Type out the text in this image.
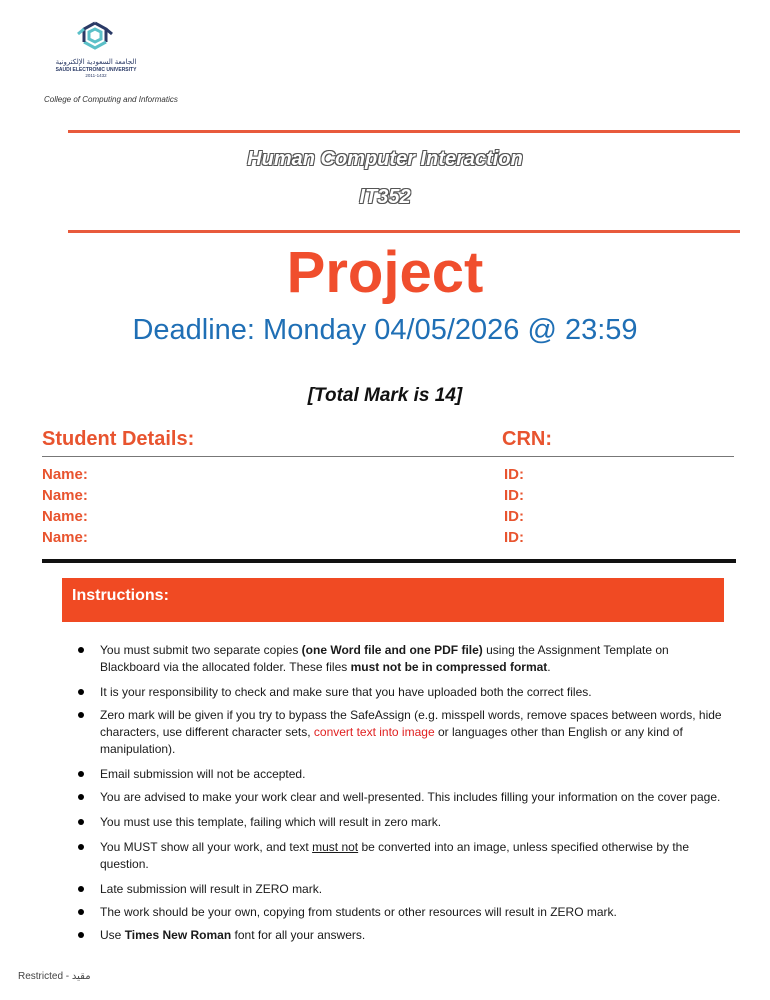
الجامعة السعودية الإلكترونية
SAUDI ELECTRONIC UNIVERSITY
2011-1432
College of Computing and Informatics
Human Computer Interaction
IT352
Project
Deadline: Monday 04/05/2026 @ 23:59
[Total Mark is 14]
Student Details:	CRN:
Name:	ID:
Name:	ID:
Name:	ID:
Name:	ID:
Instructions:
You must submit two separate copies (one Word file and one PDF file) using the Assignment Template on Blackboard via the allocated folder. These files must not be in compressed format.
It is your responsibility to check and make sure that you have uploaded both the correct files.
Zero mark will be given if you try to bypass the SafeAssign (e.g. misspell words, remove spaces between words, hide characters, use different character sets, convert text into image or languages other than English or any kind of manipulation).
Email submission will not be accepted.
You are advised to make your work clear and well-presented. This includes filling your information on the cover page.
You must use this template, failing which will result in zero mark.
You MUST show all your work, and text must not be converted into an image, unless specified otherwise by the question.
Late submission will result in ZERO mark.
The work should be your own, copying from students or other resources will result in ZERO mark.
Use Times New Roman font for all your answers.
Restricted - مقيد
